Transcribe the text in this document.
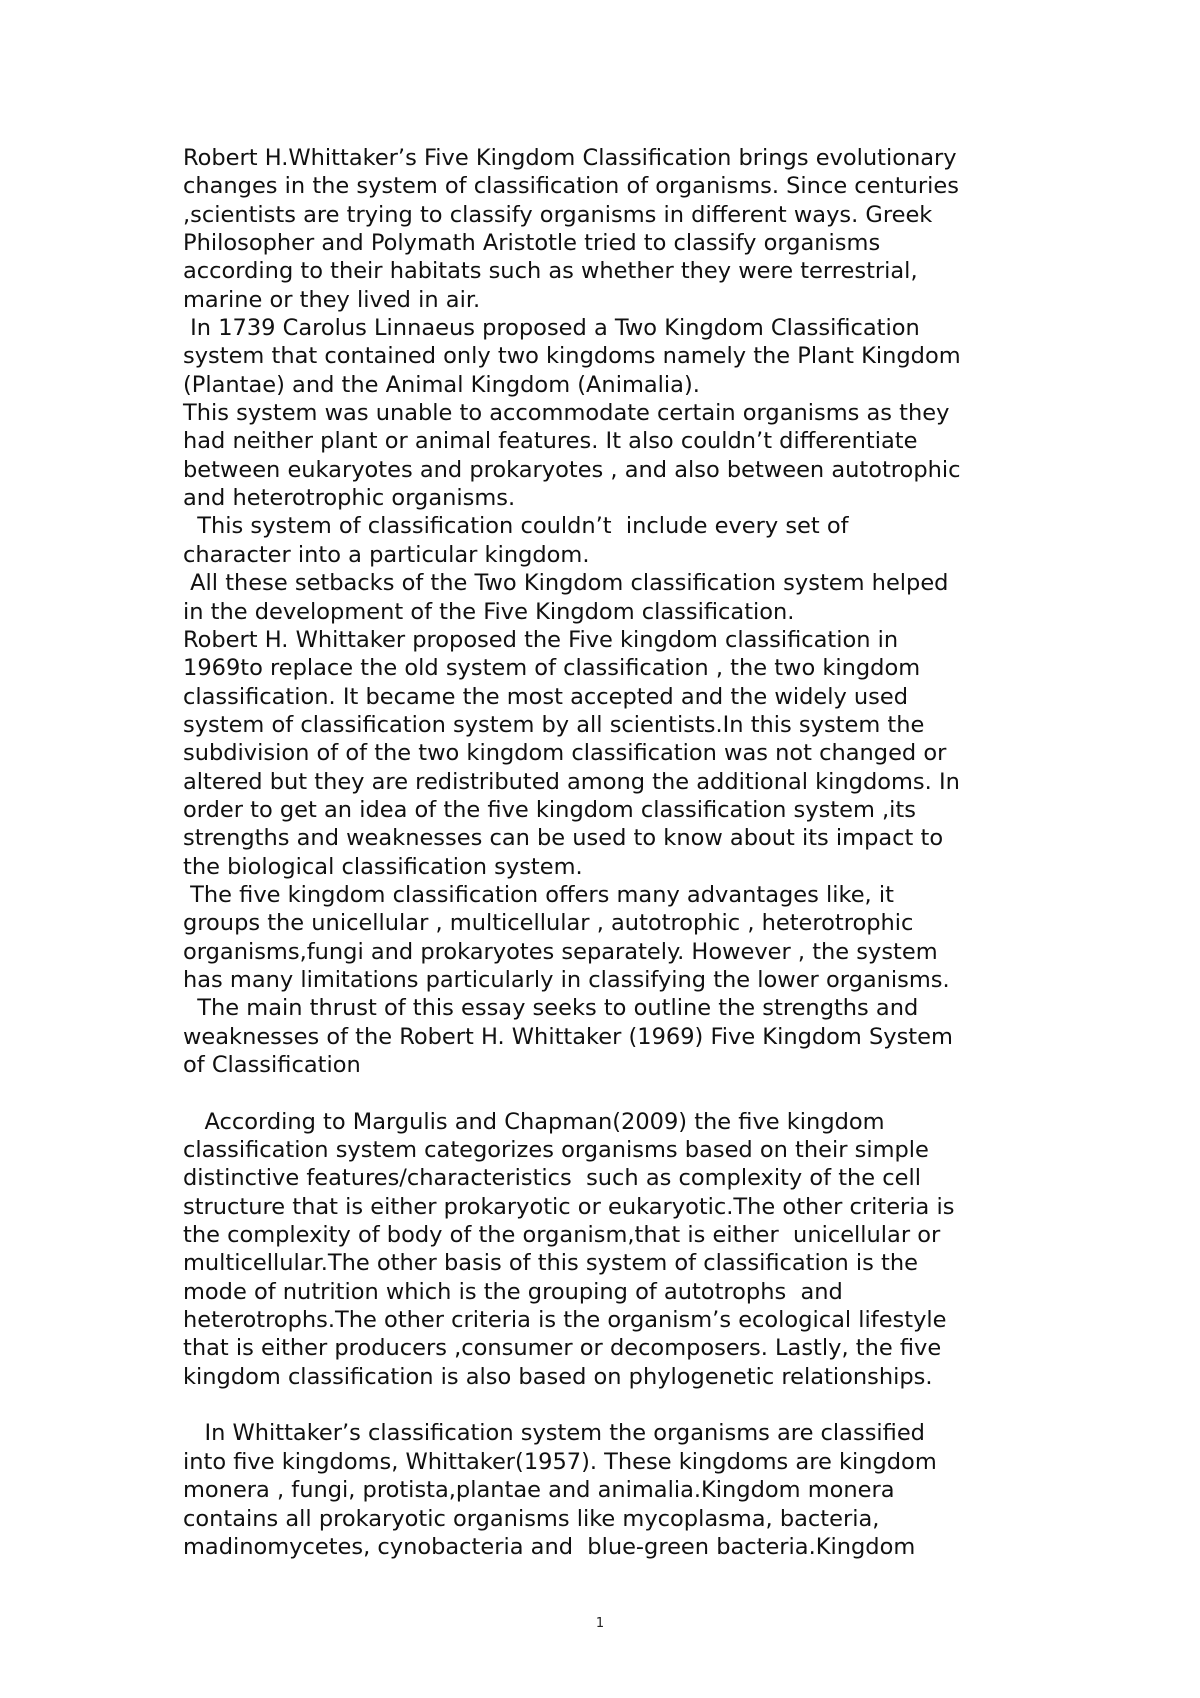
Robert H.Whittaker’s Five Kingdom Classification brings evolutionary
changes in the system of classification of organisms. Since centuries
,scientists are trying to classify organisms in different ways. Greek
Philosopher and Polymath Aristotle tried to classify organisms
according to their habitats such as whether they were terrestrial,
marine or they lived in air.
In 1739 Carolus Linnaeus proposed a Two Kingdom Classification
system that contained only two kingdoms namely the Plant Kingdom
(Plantae) and the Animal Kingdom (Animalia).
This system was unable to accommodate certain organisms as they
had neither plant or animal features. It also couldn’t differentiate
between eukaryotes and prokaryotes , and also between autotrophic
and heterotrophic organisms.
This system of classification couldn’t  include every set of
character into a particular kingdom.
All these setbacks of the Two Kingdom classification system helped
in the development of the Five Kingdom classification.
Robert H. Whittaker proposed the Five kingdom classification in
1969to replace the old system of classification , the two kingdom
classification. It became the most accepted and the widely used
system of classification system by all scientists.In this system the
subdivision of of the two kingdom classification was not changed or
altered but they are redistributed among the additional kingdoms. In
order to get an idea of the five kingdom classification system ,its
strengths and weaknesses can be used to know about its impact to
the biological classification system.
The five kingdom classification offers many advantages like, it
groups the unicellular , multicellular , autotrophic , heterotrophic
organisms,fungi and prokaryotes separately. However , the system
has many limitations particularly in classifying the lower organisms.
The main thrust of this essay seeks to outline the strengths and
weaknesses of the Robert H. Whittaker (1969) Five Kingdom System
of Classification
According to Margulis and Chapman(2009) the five kingdom
classification system categorizes organisms based on their simple
distinctive features/characteristics  such as complexity of the cell
structure that is either prokaryotic or eukaryotic.The other criteria is
the complexity of body of the organism,that is either  unicellular or
multicellular.The other basis of this system of classification is the
mode of nutrition which is the grouping of autotrophs  and
heterotrophs.The other criteria is the organism’s ecological lifestyle
that is either producers ,consumer or decomposers. Lastly, the five
kingdom classification is also based on phylogenetic relationships.
In Whittaker’s classification system the organisms are classified
into five kingdoms, Whittaker(1957). These kingdoms are kingdom
monera , fungi, protista,plantae and animalia.Kingdom monera
contains all prokaryotic organisms like mycoplasma, bacteria,
madinomycetes, cynobacteria and  blue-green bacteria.Kingdom
1
